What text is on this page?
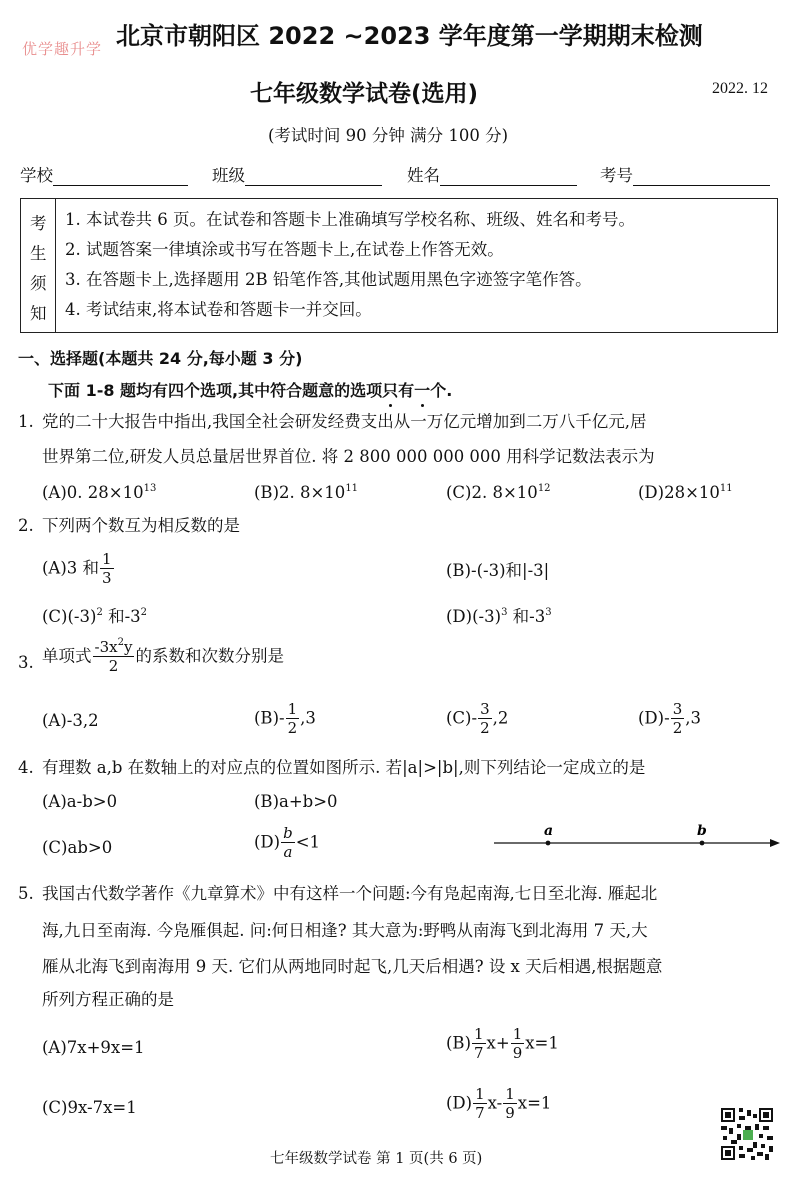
优学趣升学 北京市朝阳区 2022 ~2023 学年度第一学期期末检测
七年级数学试卷(选用)	2022. 12
(考试时间 90 分钟 满分 100 分)
学校	班级	姓名	考号
考
生
须
知
1. 本试卷共 6 页。在试卷和答题卡上准确填写学校名称、班级、姓名和考号。
2. 试题答案一律填涂或书写在答题卡上,在试卷上作答无效。
3. 在答题卡上,选择题用 2B 铅笔作答,其他试题用黑色字迹签字笔作答。
4. 考试结束,将本试卷和答题卡一并交回。
一、选择题(本题共 24 分,每小题 3 分)
下面 1-8 题均有四个选项,其中符合题意的选项只有一个.
1. 党的二十大报告中指出,我国全社会研发经费支出从一万亿元增加到二万八千亿元,居
世界第二位,研发人员总量居世界首位. 将 2 800 000 000 000 用科学记数法表示为
(A)0. $28\times 10^{13}$	(B)2. $8\times 10^{11}$	(C)2. $8\times 10^{12}$	$(D)28\times 10^{11}$
2. 下列两个数互为相反数的是
(A)3 和 $\frac{1}{3}$	(B)-(-3)和|-3|
$(C)(-3)^2$ 和$-3^2$	$(D)(-3)^3$ 和$-3^3$
3. 单项式 $\frac{-3x^2y}{2}$ 的系数和次数分别是
(A)-3,2	$(B)- \frac{1}{2} ,3$	$(C)- \frac{3}{2} ,2$	$(D)- \frac{3}{2} ,3$
4. 有理数 a,b 在数轴上的对应点的位置如图所示. 若|a|>|b|,则下列结论一定成立的是
(A)a-b>0	(B)a+b>0
(C)ab>0	$(D) \frac{b}{a} <1$
a	b
5. 我国古代数学著作《九章算术》中有这样一个问题:今有凫起南海,七日至北海. 雁起北
海,九日至南海. 今凫雁俱起. 问:何日相逢? 其大意为:野鸭从南海飞到北海用 7 天,大
雁从北海飞到南海用 9 天. 它们从两地同时起飞,几天后相遇? 设 x 天后相遇,根据题意
所列方程正确的是
(A)7x+9x=1	$(B) \frac{1}{7} x+ \frac{1}{9} x=1$
(C)9x-7x=1	$(D) \frac{1}{7} x- \frac{1}{9} x=1$
七年级数学试卷 第 1 页(共 6 页)
